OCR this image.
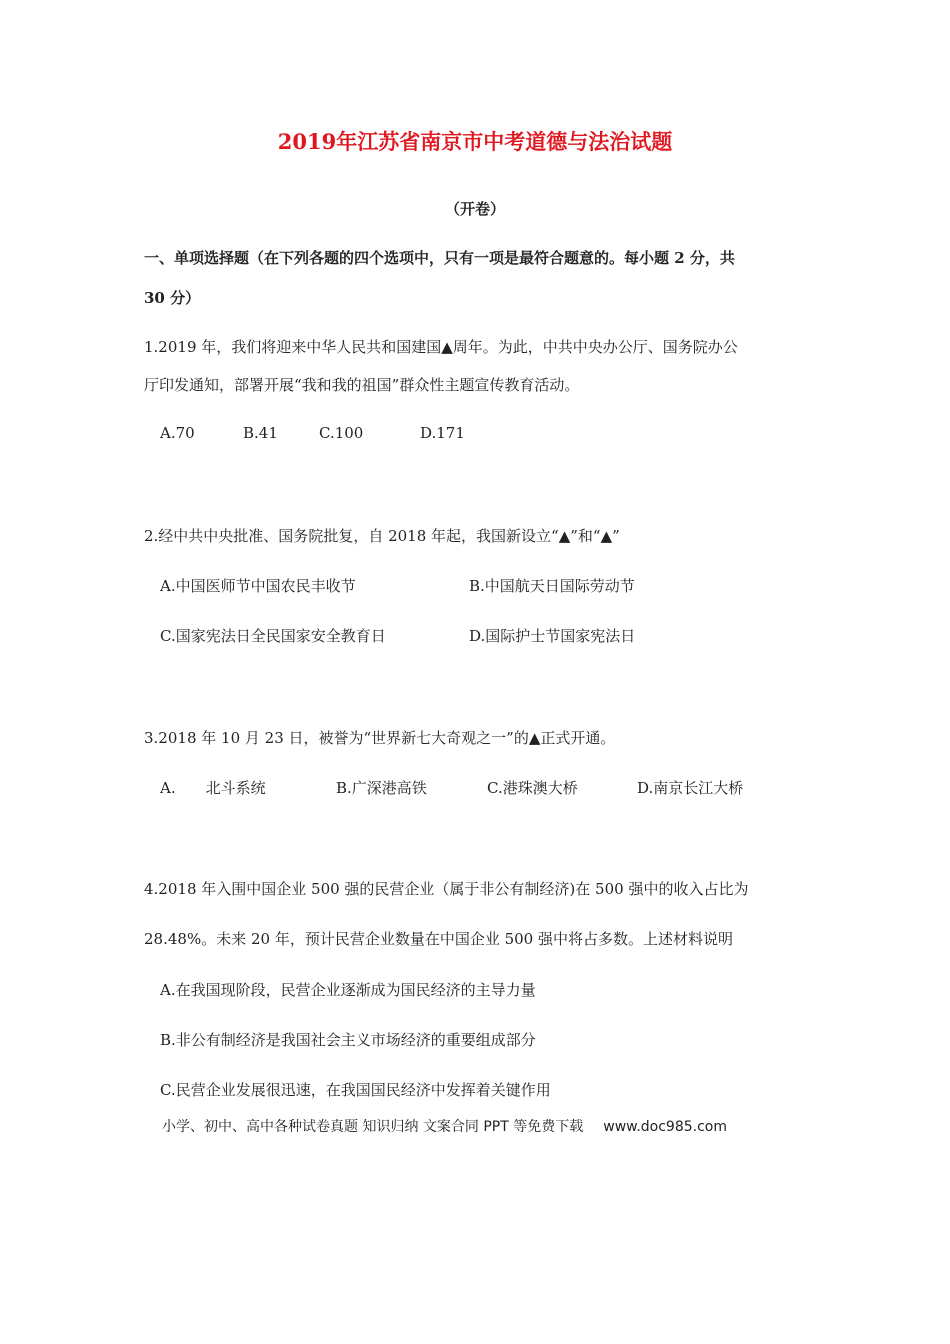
2019年江苏省南京市中考道德与法治试题
（开卷）
一、单项选择题（在下列各题的四个选项中，只有一项是最符合题意的。每小题 2 分，共
30 分）
1.2019 年，我们将迎来中华人民共和国建国▲周年。为此，中共中央办公厅、国务院办公
厅印发通知，部署开展“我和我的祖国”群众性主题宣传教育活动。
A.70	B.41	C.100	D.171
2.经中共中央批准、国务院批复，自 2018 年起，我国新设立“▲”和“▲”
A.中国医师节中国农民丰收节	B.中国航天日国际劳动节
C.国家宪法日全民国家安全教育日	D.国际护士节国家宪法日
3.2018 年 10 月 23 日，被誉为“世界新七大奇观之一”的▲正式开通。
A.　　北斗系统	B.广深港高铁	C.港珠澳大桥	D.南京长江大桥
4.2018 年入围中国企业 500 强的民营企业（属于非公有制经济)在 500 强中的收入占比为
28.48%。未来 20 年，预计民营企业数量在中国企业 500 强中将占多数。上述材料说明
A.在我国现阶段，民营企业逐渐成为国民经济的主导力量
B.非公有制经济是我国社会主义市场经济的重要组成部分
C.民营企业发展很迅速，在我国国民经济中发挥着关键作用
小学、初中、高中各种试卷真题 知识归纳 文案合同 PPT 等免费下载 www.doc985.com
